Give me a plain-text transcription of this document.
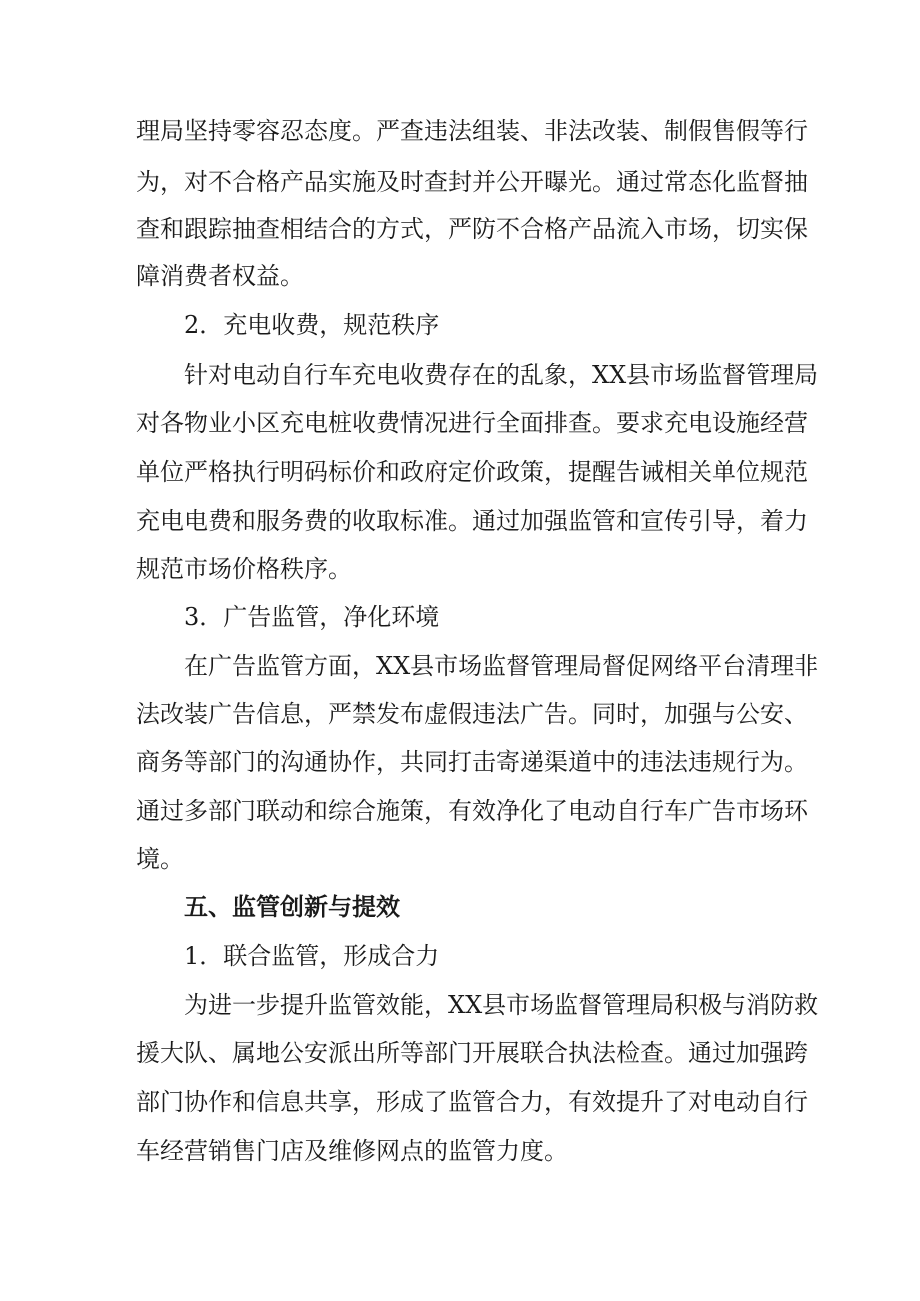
理局坚持零容忍态度。严查违法组装、非法改装、制假售假等行
为，对不合格产品实施及时查封并公开曝光。通过常态化监督抽
查和跟踪抽查相结合的方式，严防不合格产品流入市场，切实保
障消费者权益。
2．充电收费，规范秩序
针对电动自行车充电收费存在的乱象，XX县市场监督管理局
对各物业小区充电桩收费情况进行全面排查。要求充电设施经营
单位严格执行明码标价和政府定价政策，提醒告诫相关单位规范
充电电费和服务费的收取标准。通过加强监管和宣传引导，着力
规范市场价格秩序。
3．广告监管，净化环境
在广告监管方面，XX县市场监督管理局督促网络平台清理非
法改装广告信息，严禁发布虚假违法广告。同时，加强与公安、
商务等部门的沟通协作，共同打击寄递渠道中的违法违规行为。
通过多部门联动和综合施策，有效净化了电动自行车广告市场环
境。
五、监管创新与提效
1．联合监管，形成合力
为进一步提升监管效能，XX县市场监督管理局积极与消防救
援大队、属地公安派出所等部门开展联合执法检查。通过加强跨
部门协作和信息共享，形成了监管合力，有效提升了对电动自行
车经营销售门店及维修网点的监管力度。
